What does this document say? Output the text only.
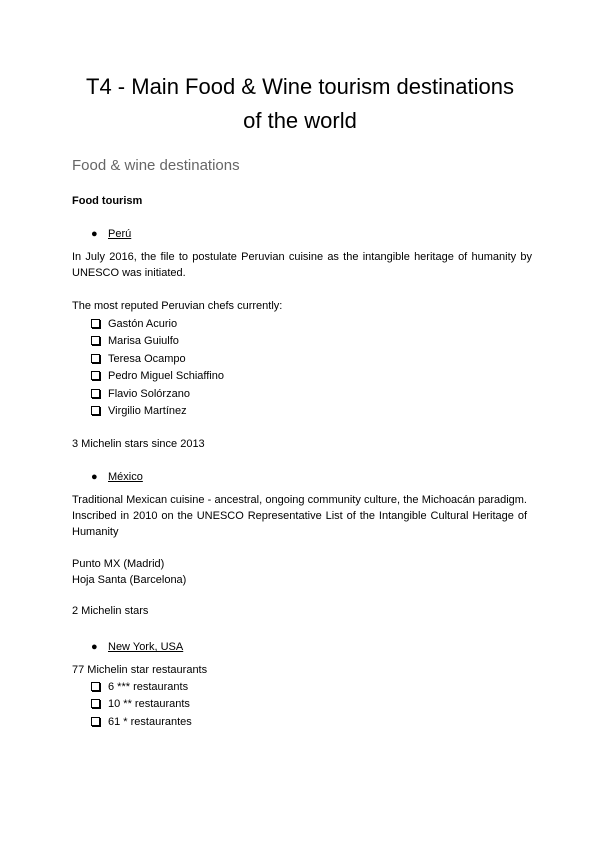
T4 - Main Food & Wine tourism destinations
of the world
Food & wine destinations
Food tourism
● Perú
In July 2016, the file to postulate Peruvian cuisine as the intangible heritage of humanity by UNESCO was initiated.
The most reputed Peruvian chefs currently:
Gastón Acurio
Marisa Guiulfo
Teresa Ocampo
Pedro Miguel Schiaffino
Flavio Solórzano
Virgilio Martínez
3 Michelin stars since 2013
● México
Traditional Mexican cuisine - ancestral, ongoing community culture, the Michoacán paradigm. Inscribed in 2010 on the UNESCO Representative List of the Intangible Cultural Heritage of Humanity
Punto MX (Madrid)
Hoja Santa (Barcelona)
2 Michelin stars
● New York, USA
77 Michelin star restaurants
6 *** restaurants
10 ** restaurants
61 * restaurantes
